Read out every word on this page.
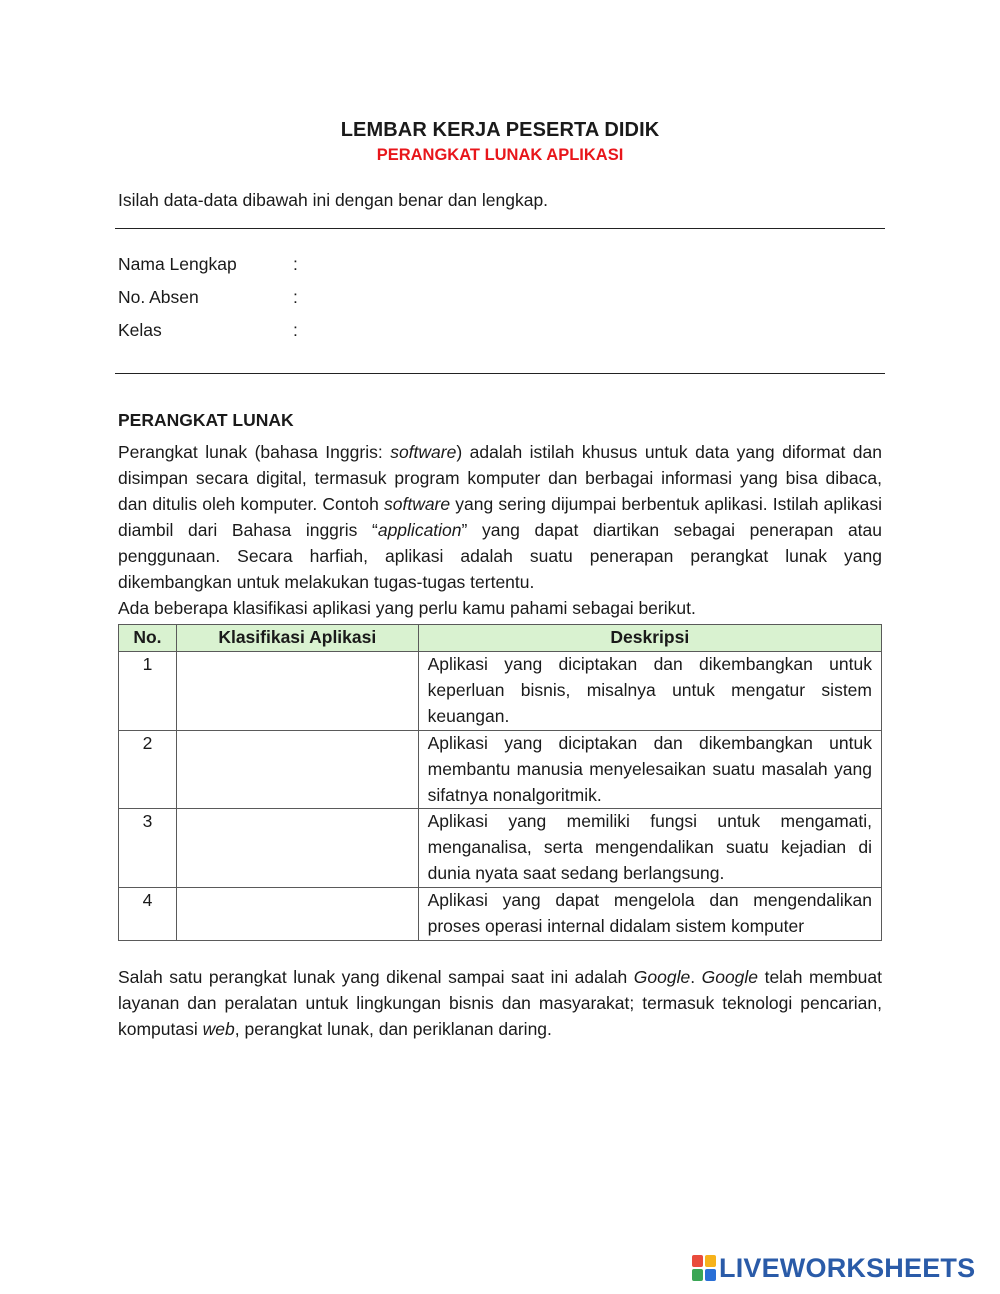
LEMBAR KERJA PESERTA DIDIK
PERANGKAT LUNAK APLIKASI
Isilah data-data dibawah ini dengan benar dan lengkap.
Nama Lengkap	:
No. Absen	:
Kelas	:
PERANGKAT LUNAK

Perangkat lunak (bahasa Inggris: software) adalah istilah khusus untuk data yang diformat dan disimpan secara digital, termasuk program komputer dan berbagai informasi yang bisa dibaca, dan ditulis oleh komputer. Contoh software yang sering dijumpai berbentuk aplikasi. Istilah aplikasi diambil dari Bahasa inggris “application” yang dapat diartikan sebagai penerapan atau penggunaan. Secara harfiah, aplikasi adalah suatu penerapan perangkat lunak yang dikembangkan untuk melakukan tugas-tugas tertentu.

Ada beberapa klasifikasi aplikasi yang perlu kamu pahami sebagai berikut.

No.	Klasifikasi Aplikasi	Deskripsi
1		Aplikasi yang diciptakan dan dikembangkan untuk keperluan bisnis, misalnya untuk mengatur sistem keuangan.
2		Aplikasi yang diciptakan dan dikembangkan untuk membantu manusia menyelesaikan suatu masalah yang sifatnya nonalgoritmik.
3		Aplikasi yang memiliki fungsi untuk mengamati, menganalisa, serta mengendalikan suatu kejadian di dunia nyata saat sedang berlangsung.
4		Aplikasi yang dapat mengelola dan mengendalikan proses operasi internal didalam sistem komputer

Salah satu perangkat lunak yang dikenal sampai saat ini adalah Google. Google telah membuat layanan dan peralatan untuk lingkungan bisnis dan masyarakat; termasuk teknologi pencarian, komputasi web, perangkat lunak, dan periklanan daring.

LIVEWORKSHEETS
